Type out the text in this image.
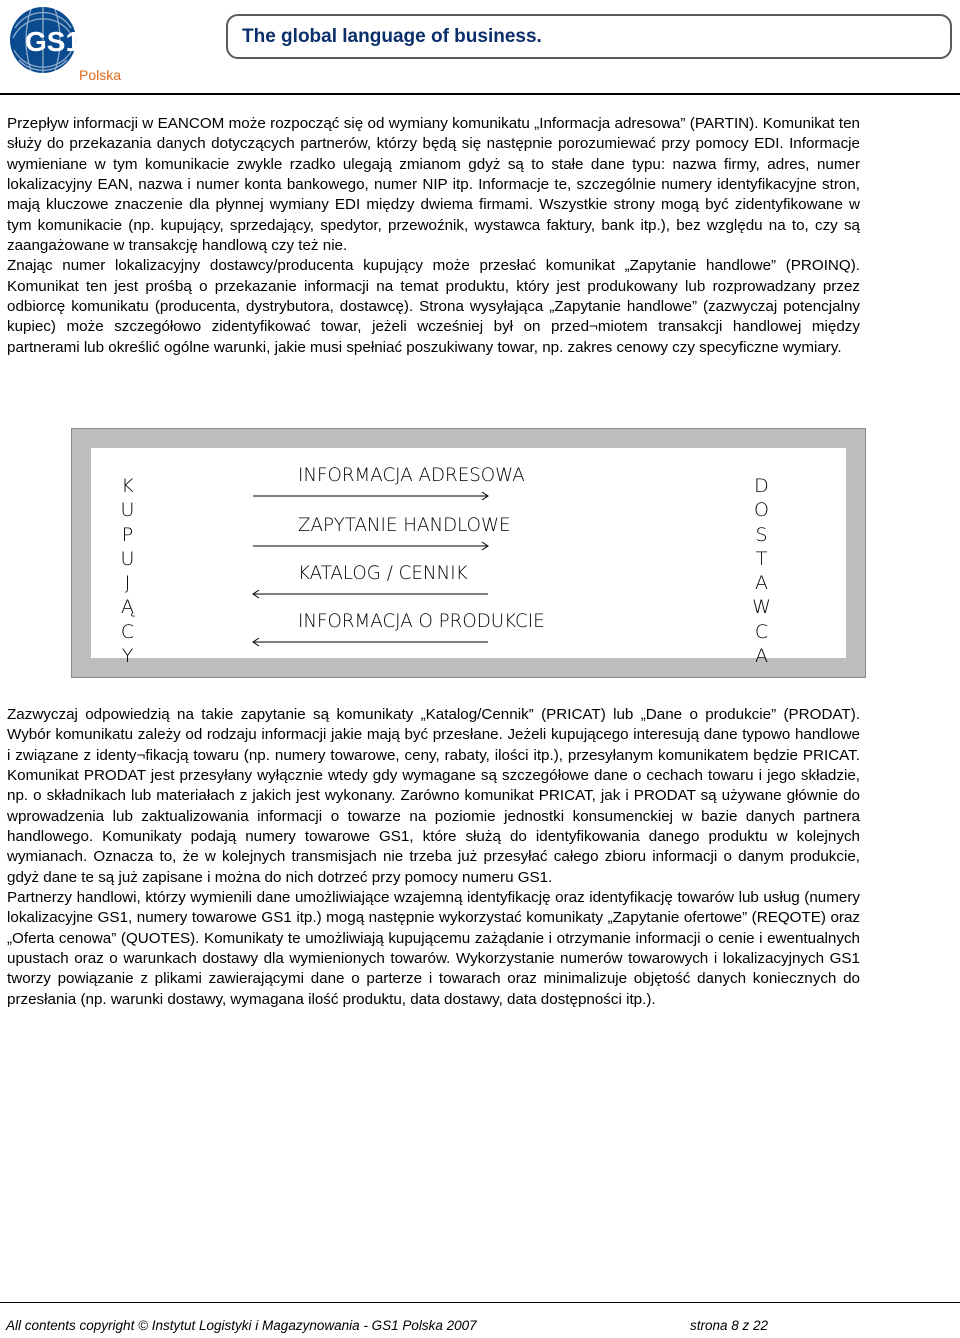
GS1
Polska
The global language of business.

Przepływ informacji w EANCOM może rozpocząć się od wymiany komunikatu „Informacja adresowa” (PARTIN). Komunikat ten służy do przekazania danych dotyczących partnerów, którzy będą się następnie porozumiewać przy pomocy EDI. Informacje wymieniane w tym komunikacie zwykle rzadko ulegają zmianom gdyż są to stałe dane typu: nazwa firmy, adres, numer lokalizacyjny EAN, nazwa i numer konta bankowego, numer NIP itp. Informacje te, szczególnie numery identyfikacyjne stron, mają kluczowe znaczenie dla płynnej wymiany EDI między dwiema firmami. Wszystkie strony mogą być zidentyfikowane w tym komunikacie (np. kupujący, sprzedający, spedytor, przewoźnik, wystawca faktury, bank itp.), bez względu na to, czy są zaangażowane w transakcję handlową czy też nie.

Znając numer lokalizacyjny dostawcy/producenta kupujący może przesłać komunikat „Zapytanie handlowe” (PROINQ). Komunikat ten jest prośbą o przekazanie informacji na temat produktu, który jest produkowany lub rozprowadzany przez odbiorcę komunikatu (producenta, dystrybutora, dostawcę). Strona wysyłająca „Zapytanie handlowe” (zazwyczaj potencjalny kupiec) może szczegółowo zidentyfikować towar, jeżeli wcześniej był on przed¬miotem transakcji handlowej między partnerami lub określić ogólne warunki, jakie musi spełniać poszukiwany towar, np. zakres cenowy czy specyficzne wymiary.

K
U
P
U
J
Ą
C
Y
D
O
S
T
A
W
C
A
INFORMACJA ADRESOWA
ZAPYTANIE HANDLOWE
KATALOG / CENNIK
INFORMACJA O PRODUKCIE

Zazwyczaj odpowiedzią na takie zapytanie są komunikaty „Katalog/Cennik” (PRICAT) lub „Dane o produkcie” (PRODAT). Wybór komunikatu zależy od rodzaju informacji jakie mają być przesłane. Jeżeli kupującego interesują dane typowo handlowe i związane z identy¬fikacją towaru (np. numery towarowe, ceny, rabaty, ilości itp.), przesyłanym komunikatem będzie PRICAT. Komunikat PRODAT jest przesyłany wyłącznie wtedy gdy wymagane są szczegółowe dane o cechach towaru i jego składzie, np. o składnikach lub materiałach z jakich jest wykonany. Zarówno komunikat PRICAT, jak i PRODAT są używane głównie do wprowadzenia lub zaktualizowania informacji o towarze na poziomie jednostki konsumenckiej w bazie danych partnera handlowego. Komunikaty podają numery towarowe GS1, które służą do identyfikowania danego produktu w kolejnych wymianach. Oznacza to, że w kolejnych transmisjach nie trzeba już przesyłać całego zbioru informacji o danym produkcie, gdyż dane te są już zapisane i można do nich dotrzeć przy pomocy numeru GS1.

Partnerzy handlowi, którzy wymienili dane umożliwiające wzajemną identyfikację oraz identyfikację towarów lub usług (numery lokalizacyjne GS1, numery towarowe GS1 itp.) mogą następnie wykorzystać komunikaty „Zapytanie ofertowe” (REQOTE) oraz „Oferta cenowa” (QUOTES). Komunikaty te umożliwiają kupującemu zażądanie i otrzymanie informacji o cenie i ewentualnych upustach oraz o warunkach dostawy dla wymienionych towarów. Wykorzystanie numerów towarowych i lokalizacyjnych GS1 tworzy powiązanie z plikami zawierającymi dane o parterze i towarach oraz minimalizuje objętość danych koniecznych do przesłania (np. warunki dostawy, wymagana ilość produktu, data dostawy, data dostępności itp.).

All contents copyright © Instytut Logistyki i Magazynowania - GS1 Polska 2007	strona 8 z 22
